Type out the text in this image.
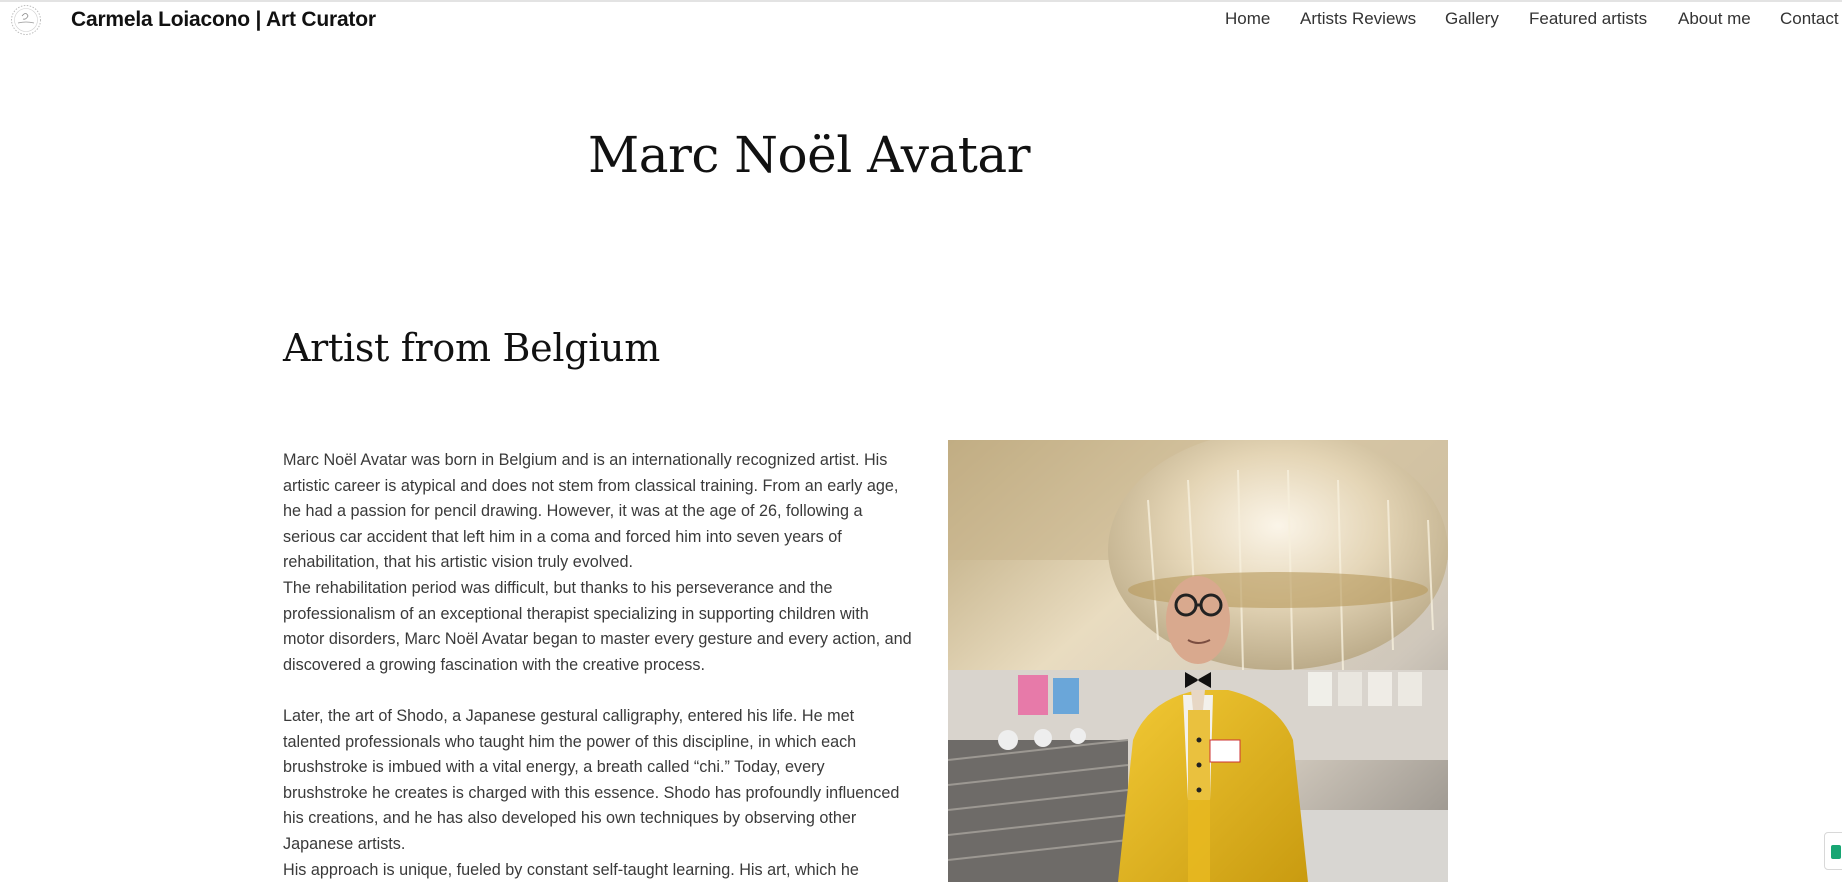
Carmela Loiacono | Art Curator	Home Artists Reviews Gallery Featured artists About me Contact
Marc Noël Avatar
Artist from Belgium

Marc Noël Avatar was born in Belgium and is an internationally recognized artist. His artistic career is atypical and does not stem from classical training. From an early age, he had a passion for pencil drawing. However, it was at the age of 26, following a serious car accident that left him in a coma and forced him into seven years of rehabilitation, that his artistic vision truly evolved.

The rehabilitation period was difficult, but thanks to his perseverance and the professionalism of an exceptional therapist specializing in supporting children with motor disorders, Marc Noël Avatar began to master every gesture and every action, and discovered a growing fascination with the creative process.

Later, the art of Shodo, a Japanese gestural calligraphy, entered his life. He met talented professionals who taught him the power of this discipline, in which each brushstroke is imbued with a vital energy, a breath called “chi.” Today, every brushstroke he creates is charged with this essence. Shodo has profoundly influenced his creations, and he has also developed his own techniques by observing other Japanese artists.

His approach is unique, fueled by constant self-taught learning. His art, which he
